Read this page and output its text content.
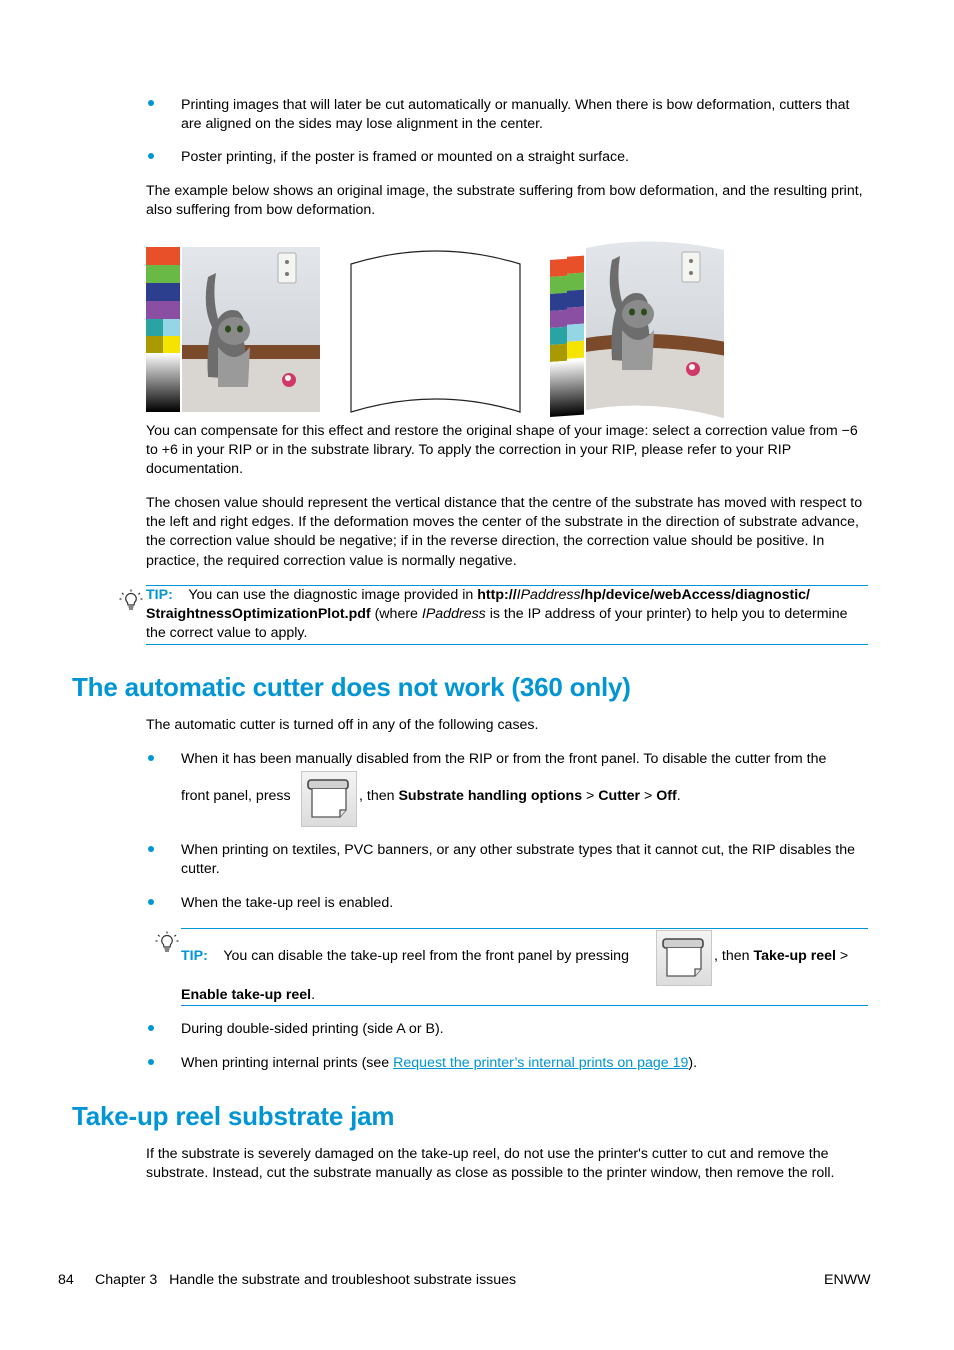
Printing images that will later be cut automatically or manually. When there is bow deformation, cutters that are aligned on the sides may lose alignment in the center.
Poster printing, if the poster is framed or mounted on a straight surface.
The example below shows an original image, the substrate suffering from bow deformation, and the resulting print, also suffering from bow deformation.
You can compensate for this effect and restore the original shape of your image: select a correction value from −6 to +6 in your RIP or in the substrate library. To apply the correction in your RIP, please refer to your RIP documentation.
The chosen value should represent the vertical distance that the centre of the substrate has moved with respect to the left and right edges. If the deformation moves the center of the substrate in the direction of substrate advance, the correction value should be negative; if in the reverse direction, the correction value should be positive. In practice, the required correction value is normally negative.
TIP: You can use the diagnostic image provided in http://IPaddress/hp/device/webAccess/diagnostic/
StraightnessOptimizationPlot.pdf (where IPaddress is the IP address of your printer) to help you to determine the correct value to apply.
The automatic cutter does not work (360 only)
The automatic cutter is turned off in any of the following cases.
When it has been manually disabled from the RIP or from the front panel. To disable the cutter from the
front panel, press	, then Substrate handling options > Cutter > Off.
When printing on textiles, PVC banners, or any other substrate types that it cannot cut, the RIP disables the cutter.
When the take-up reel is enabled.
TIP: You can disable the take-up reel from the front panel by pressing	, then Take-up reel >
Enable take-up reel.
During double-sided printing (side A or B).
When printing internal prints (see Request the printer’s internal prints on page 19).
Take-up reel substrate jam
If the substrate is severely damaged on the take-up reel, do not use the printer's cutter to cut and remove the substrate. Instead, cut the substrate manually as close as possible to the printer window, then remove the roll.
84 Chapter 3   Handle the substrate and troubleshoot substrate issues	ENWW
